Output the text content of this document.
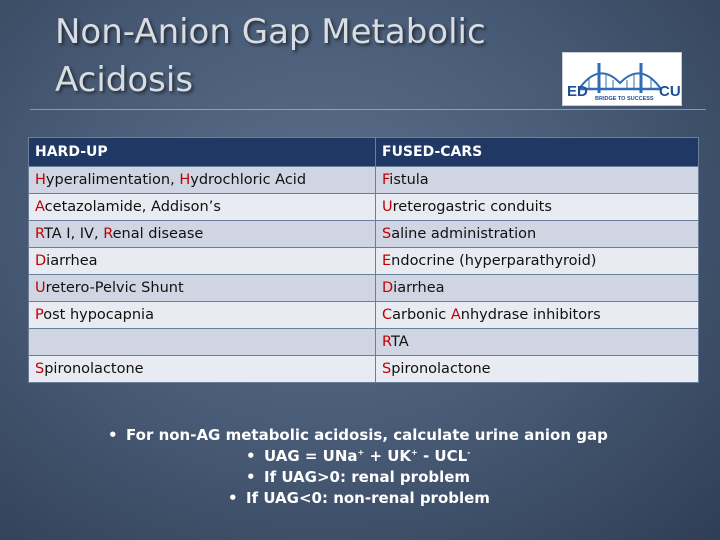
Non-Anion Gap Metabolic
Acidosis	ED	CU
BRIDGE TO SUCCESS
HARD-UP	FUSED-CARS
Hyperalimentation, Hydrochloric Acid	Fistula
Acetazolamide, Addison’s	Ureterogastric conduits
RTA I, IV, Renal disease	Saline administration
Diarrhea	Endocrine (hyperparathyroid)
Uretero-Pelvic Shunt	Diarrhea
Post hypocapnia	Carbonic Anhydrase inhibitors
	RTA
Spironolactone	Spironolactone
• For non-AG metabolic acidosis, calculate urine anion gap
• UAG = UNa+ + UK+ - UCL-
• If UAG>0: renal problem
• If UAG<0: non-renal problem
